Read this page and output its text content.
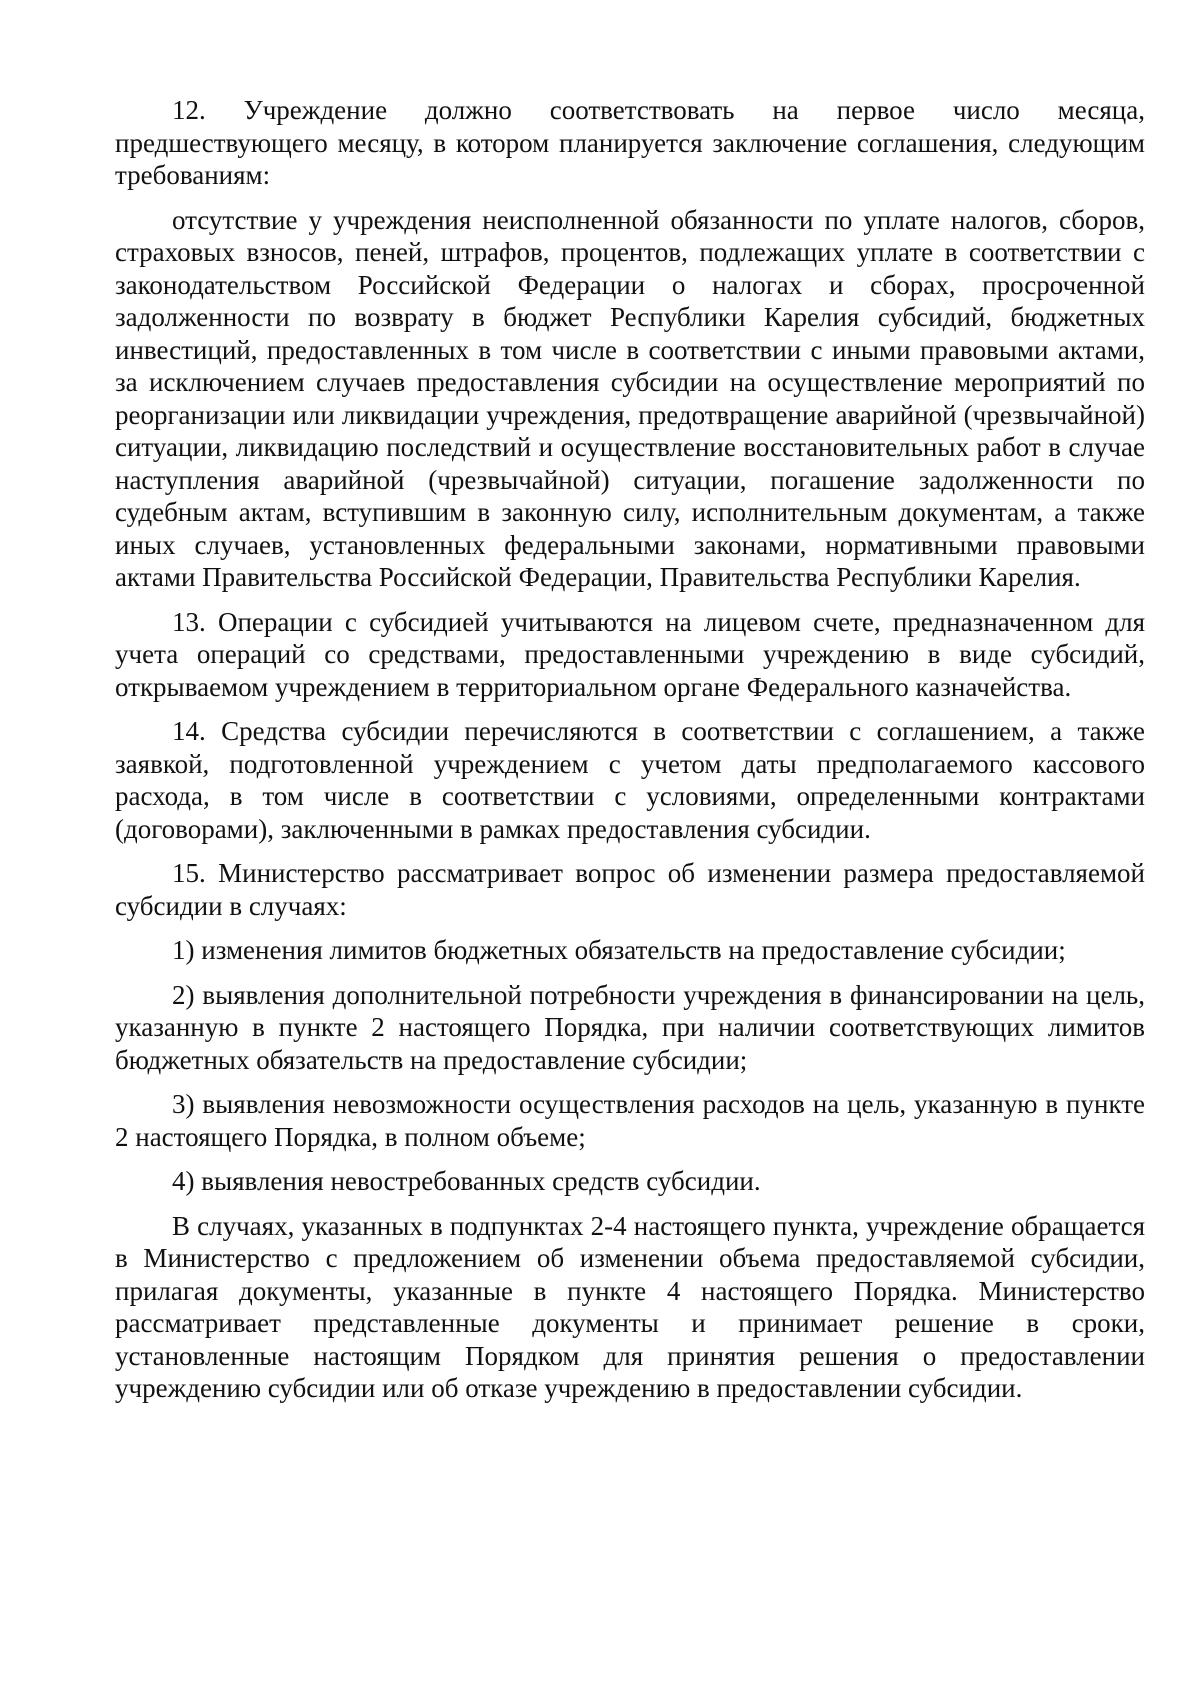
12. Учреждение должно соответствовать на первое число месяца, предшествующего месяцу, в котором планируется заключение соглашения, следующим требованиям:

отсутствие у учреждения неисполненной обязанности по уплате налогов, сборов, страховых взносов, пеней, штрафов, процентов, подлежащих уплате в соответствии с законодательством Российской Федерации о налогах и сборах, просроченной задолженности по возврату в бюджет Республики Карелия субсидий, бюджетных инвестиций, предоставленных в том числе в соответствии с иными правовыми актами, за исключением случаев предоставления субсидии на осуществление мероприятий по реорганизации или ликвидации учреждения, предотвращение аварийной (чрезвычайной) ситуации, ликвидацию последствий и осуществление восстановительных работ в случае наступления аварийной (чрезвычайной) ситуации, погашение задолженности по судебным актам, вступившим в законную силу, исполнительным документам, а также иных случаев, установленных федеральными законами, нормативными правовыми актами Правительства Российской Федерации, Правительства Республики Карелия.

13. Операции с субсидией учитываются на лицевом счете, предназначенном для учета операций со средствами, предоставленными учреждению в виде субсидий, открываемом учреждением в территориальном органе Федерального казначейства.

14. Средства субсидии перечисляются в соответствии с соглашением, а также заявкой, подготовленной учреждением с учетом даты предполагаемого кассового расхода, в том числе в соответствии с условиями, определенными контрактами (договорами), заключенными в рамках предоставления субсидии.

15. Министерство рассматривает вопрос об изменении размера предоставляемой субсидии в случаях:

1) изменения лимитов бюджетных обязательств на предоставление субсидии;

2) выявления дополнительной потребности учреждения в финансировании на цель, указанную в пункте 2 настоящего Порядка, при наличии соответствующих лимитов бюджетных обязательств на предоставление субсидии;

3) выявления невозможности осуществления расходов на цель, указанную в пункте 2 настоящего Порядка, в полном объеме;

4) выявления невостребованных средств субсидии.

В случаях, указанных в подпунктах 2-4 настоящего пункта, учреждение обращается в Министерство с предложением об изменении объема предоставляемой субсидии, прилагая документы, указанные в пункте 4 настоящего Порядка. Министерство рассматривает представленные документы и принимает решение в сроки, установленные настоящим Порядком для принятия решения о предоставлении учреждению субсидии или об отказе учреждению в предоставлении субсидии.
